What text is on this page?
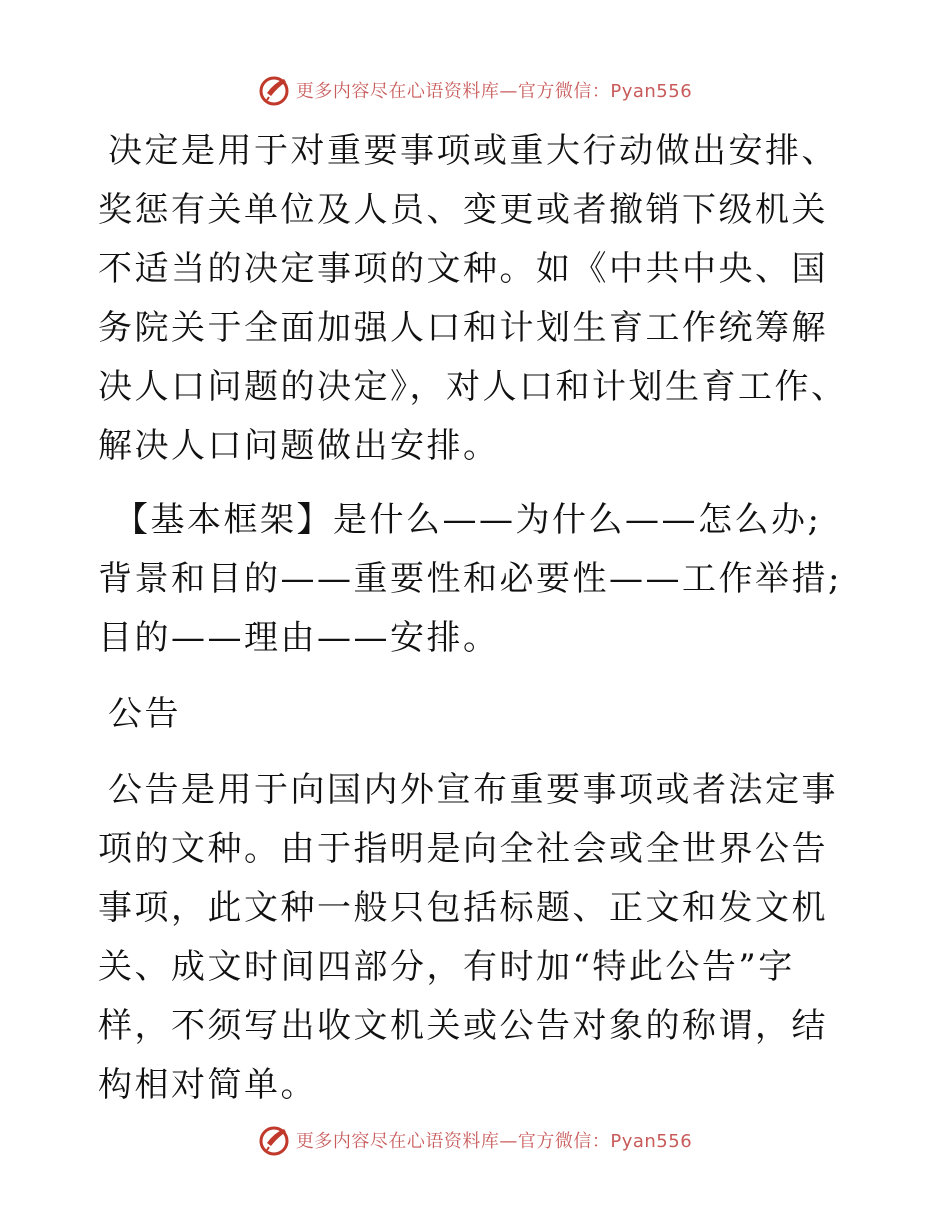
更多内容尽在心语资料库—官方微信：Pyan556

决定是用于对重要事项或重大行动做出安排、奖惩有关单位及人员、变更或者撤销下级机关不适当的决定事项的文种。如《中共中央、国务院关于全面加强人口和计划生育工作统筹解决人口问题的决定》，对人口和计划生育工作、解决人口问题做出安排。

【基本框架】是什么——为什么——怎么办;背景和目的——重要性和必要性——工作举措;目的——理由——安排。

公告

公告是用于向国内外宣布重要事项或者法定事项的文种。由于指明是向全社会或全世界公告事项，此文种一般只包括标题、正文和发文机关、成文时间四部分，有时加“特此公告”字样，不须写出收文机关或公告对象的称谓，结构相对简单。

更多内容尽在心语资料库—官方微信：Pyan556
